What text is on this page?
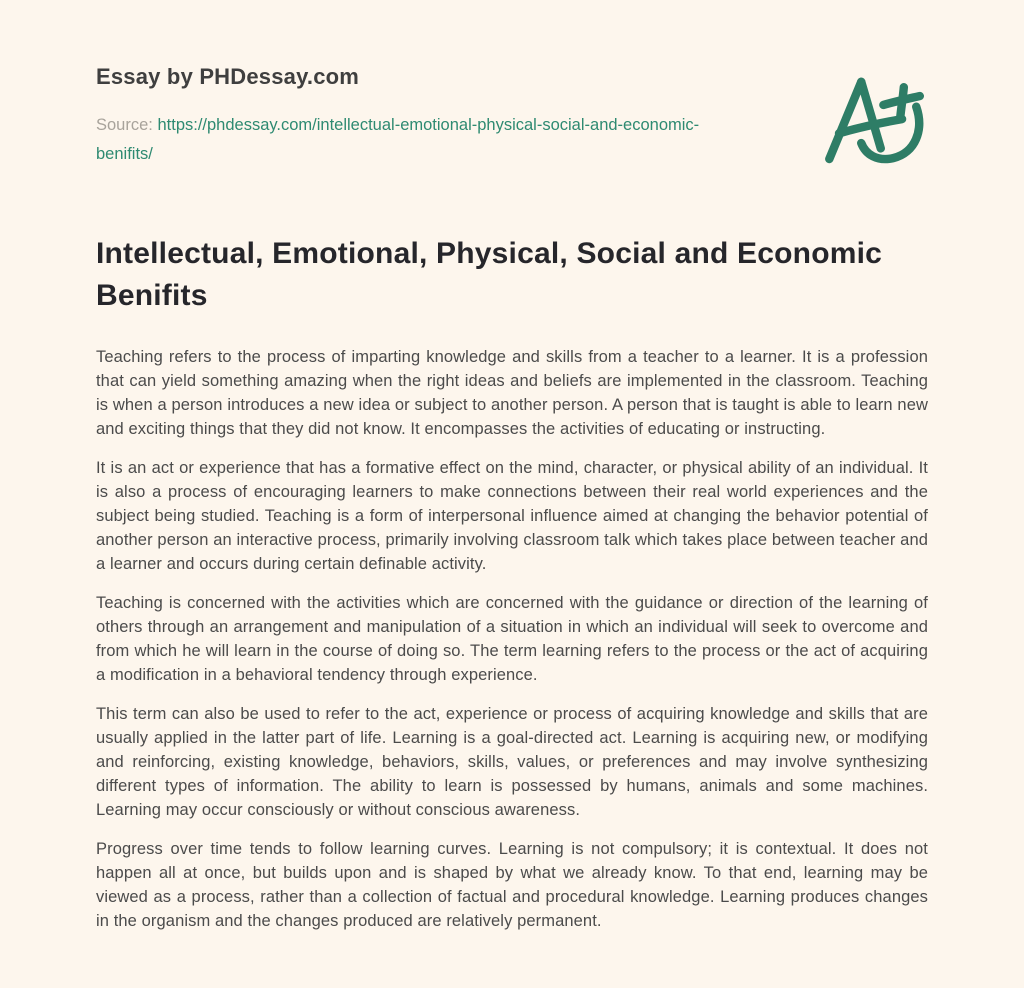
Essay by PHDessay.com
Source: https://phdessay.com/intellectual-emotional-physical-social-and-economic-benifits/
Intellectual, Emotional, Physical, Social and Economic Benifits

Teaching refers to the process of imparting knowledge and skills from a teacher to a learner. It is a profession that can yield something amazing when the right ideas and beliefs are implemented in the classroom. Teaching is when a person introduces a new idea or subject to another person. A person that is taught is able to learn new and exciting things that they did not know. It encompasses the activities of educating or instructing.

It is an act or experience that has a formative effect on the mind, character, or physical ability of an individual. It is also a process of encouraging learners to make connections between their real world experiences and the subject being studied. Teaching is a form of interpersonal influence aimed at changing the behavior potential of another person an interactive process, primarily involving classroom talk which takes place between teacher and a learner and occurs during certain definable activity.

Teaching is concerned with the activities which are concerned with the guidance or direction of the learning of others through an arrangement and manipulation of a situation in which an individual will seek to overcome and from which he will learn in the course of doing so. The term learning refers to the process or the act of acquiring a modification in a behavioral tendency through experience.

This term can also be used to refer to the act, experience or process of acquiring knowledge and skills that are usually applied in the latter part of life. Learning is a goal-directed act. Learning is acquiring new, or modifying and reinforcing, existing knowledge, behaviors, skills, values, or preferences and may involve synthesizing different types of information. The ability to learn is possessed by humans, animals and some machines. Learning may occur consciously or without conscious awareness.

Progress over time tends to follow learning curves. Learning is not compulsory; it is contextual. It does not happen all at once, but builds upon and is shaped by what we already know. To that end, learning may be viewed as a process, rather than a collection of factual and procedural knowledge. Learning produces changes in the organism and the changes produced are relatively permanent.
